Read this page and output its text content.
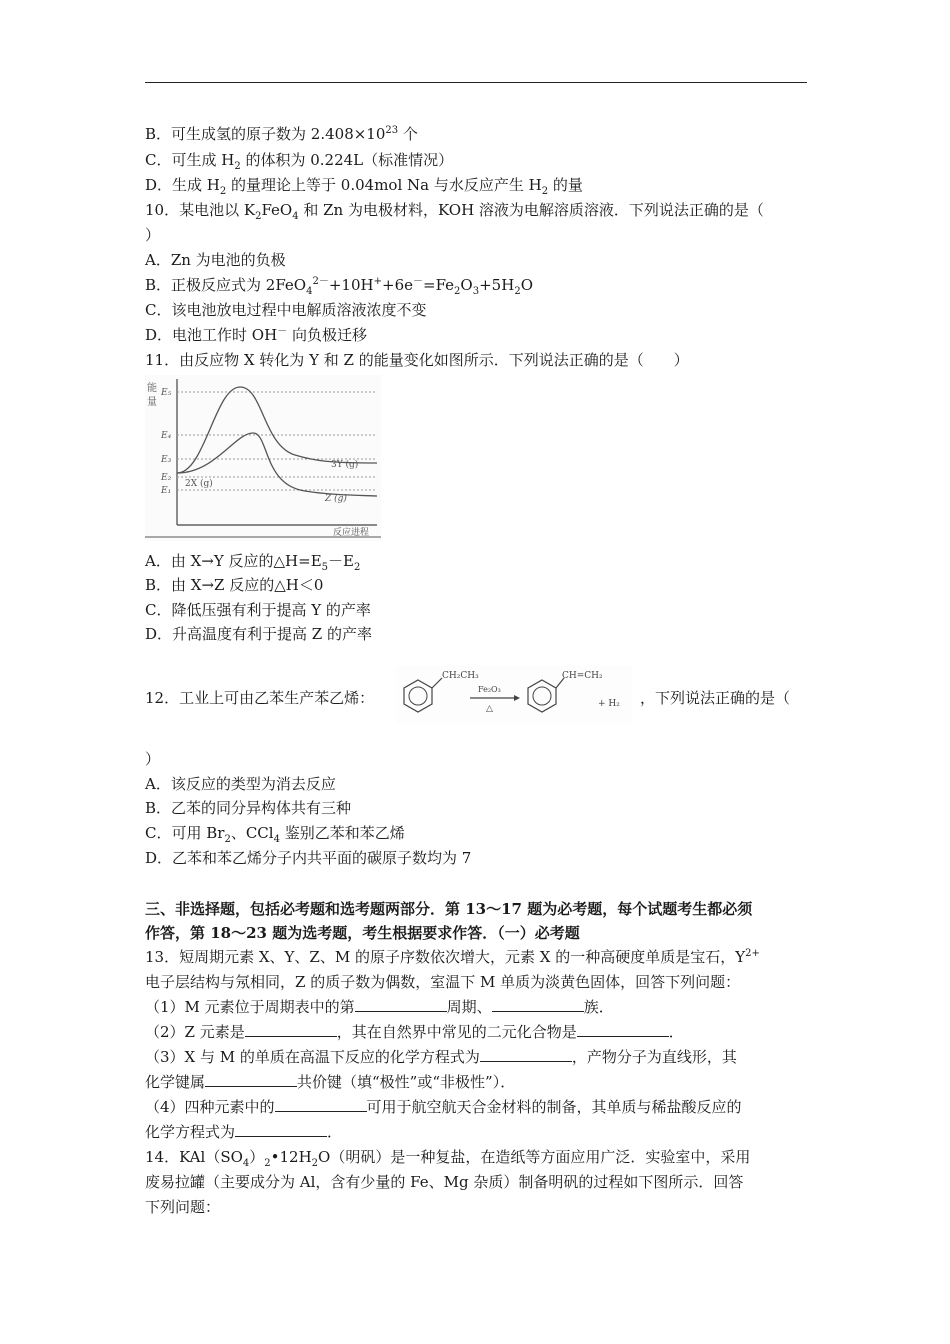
B．可生成氢的原子数为 $2.408\times 10^{23}$ 个
C．可生成 $H_2$ 的体积为 0.224L（标准情况）
D．生成 $H_2$ 的量理论上等于 0.04mol Na 与水反应产生 $H_2$ 的量
10．某电池以 $K_2FeO_4$ 和 Zn 为电极材料，KOH 溶液为电解溶质溶液．下列说法正确的是（
）
A．Zn 为电池的负极
B．正极反应式为 $2FeO_4^{2-}+10H^++6e^-=Fe_2O_3+5H_2O$
C．该电池放电过程中电解质溶液浓度不变
D．电池工作时 OH－ 向负极迁移
11．由反应物 X 转化为 Y 和 Z 的能量变化如图所示．下列说法正确的是（　　）
能
量
E₅
E₄
E₃
E₂
E₁
2X (g)
3Y (g)
Z (g)
反应进程
A．由 X→Y 反应的$\triangle H=E_5-E_2$
B．由 X→Z 反应的△H＜0
C．降低压强有利于提高 Y 的产率
D．升高温度有利于提高 Z 的产率
12．工业上可由乙苯生产苯乙烯：
CH₂CH₃
Fe₂O₃
△
CH=CH₂
+ H₂ ，下列说法正确的是（
）
A．该反应的类型为消去反应
B．乙苯的同分异构体共有三种
C．可用 $Br_2$、CCl$_4$ 鉴别乙苯和苯乙烯
D．乙苯和苯乙烯分子内共平面的碳原子数均为 7
三、非选择题，包括必考题和选考题两部分．第 13～17 题为必考题，每个试题考生都必须
作答，第 18～23 题为选考题，考生根据要求作答．（一）必考题
13．短周期元素 X、Y、Z、M 的原子序数依次增大，元素 X 的一种高硬度单质是宝石，$Y^{2+}$
电子层结构与氖相同，Z 的质子数为偶数，室温下 M 单质为淡黄色固体，回答下列问题：
（1）M 元素位于周期表中的第	周期、	族．
（2）Z 元素是	，其在自然界中常见的二元化合物是	．
（3）X 与 M 的单质在高温下反应的化学方程式为	，产物分子为直线形，其
化学键属	共价键（填“极性”或“非极性”）．
（4）四种元素中的	可用于航空航天合金材料的制备，其单质与稀盐酸反应的
化学方程式为	．
14．$KAl(SO_4)_2•12H_2O$（明矾）是一种复盐，在造纸等方面应用广泛．实验室中，采用
废易拉罐（主要成分为 Al，含有少量的 Fe、Mg 杂质）制备明矾的过程如下图所示．回答
下列问题：
